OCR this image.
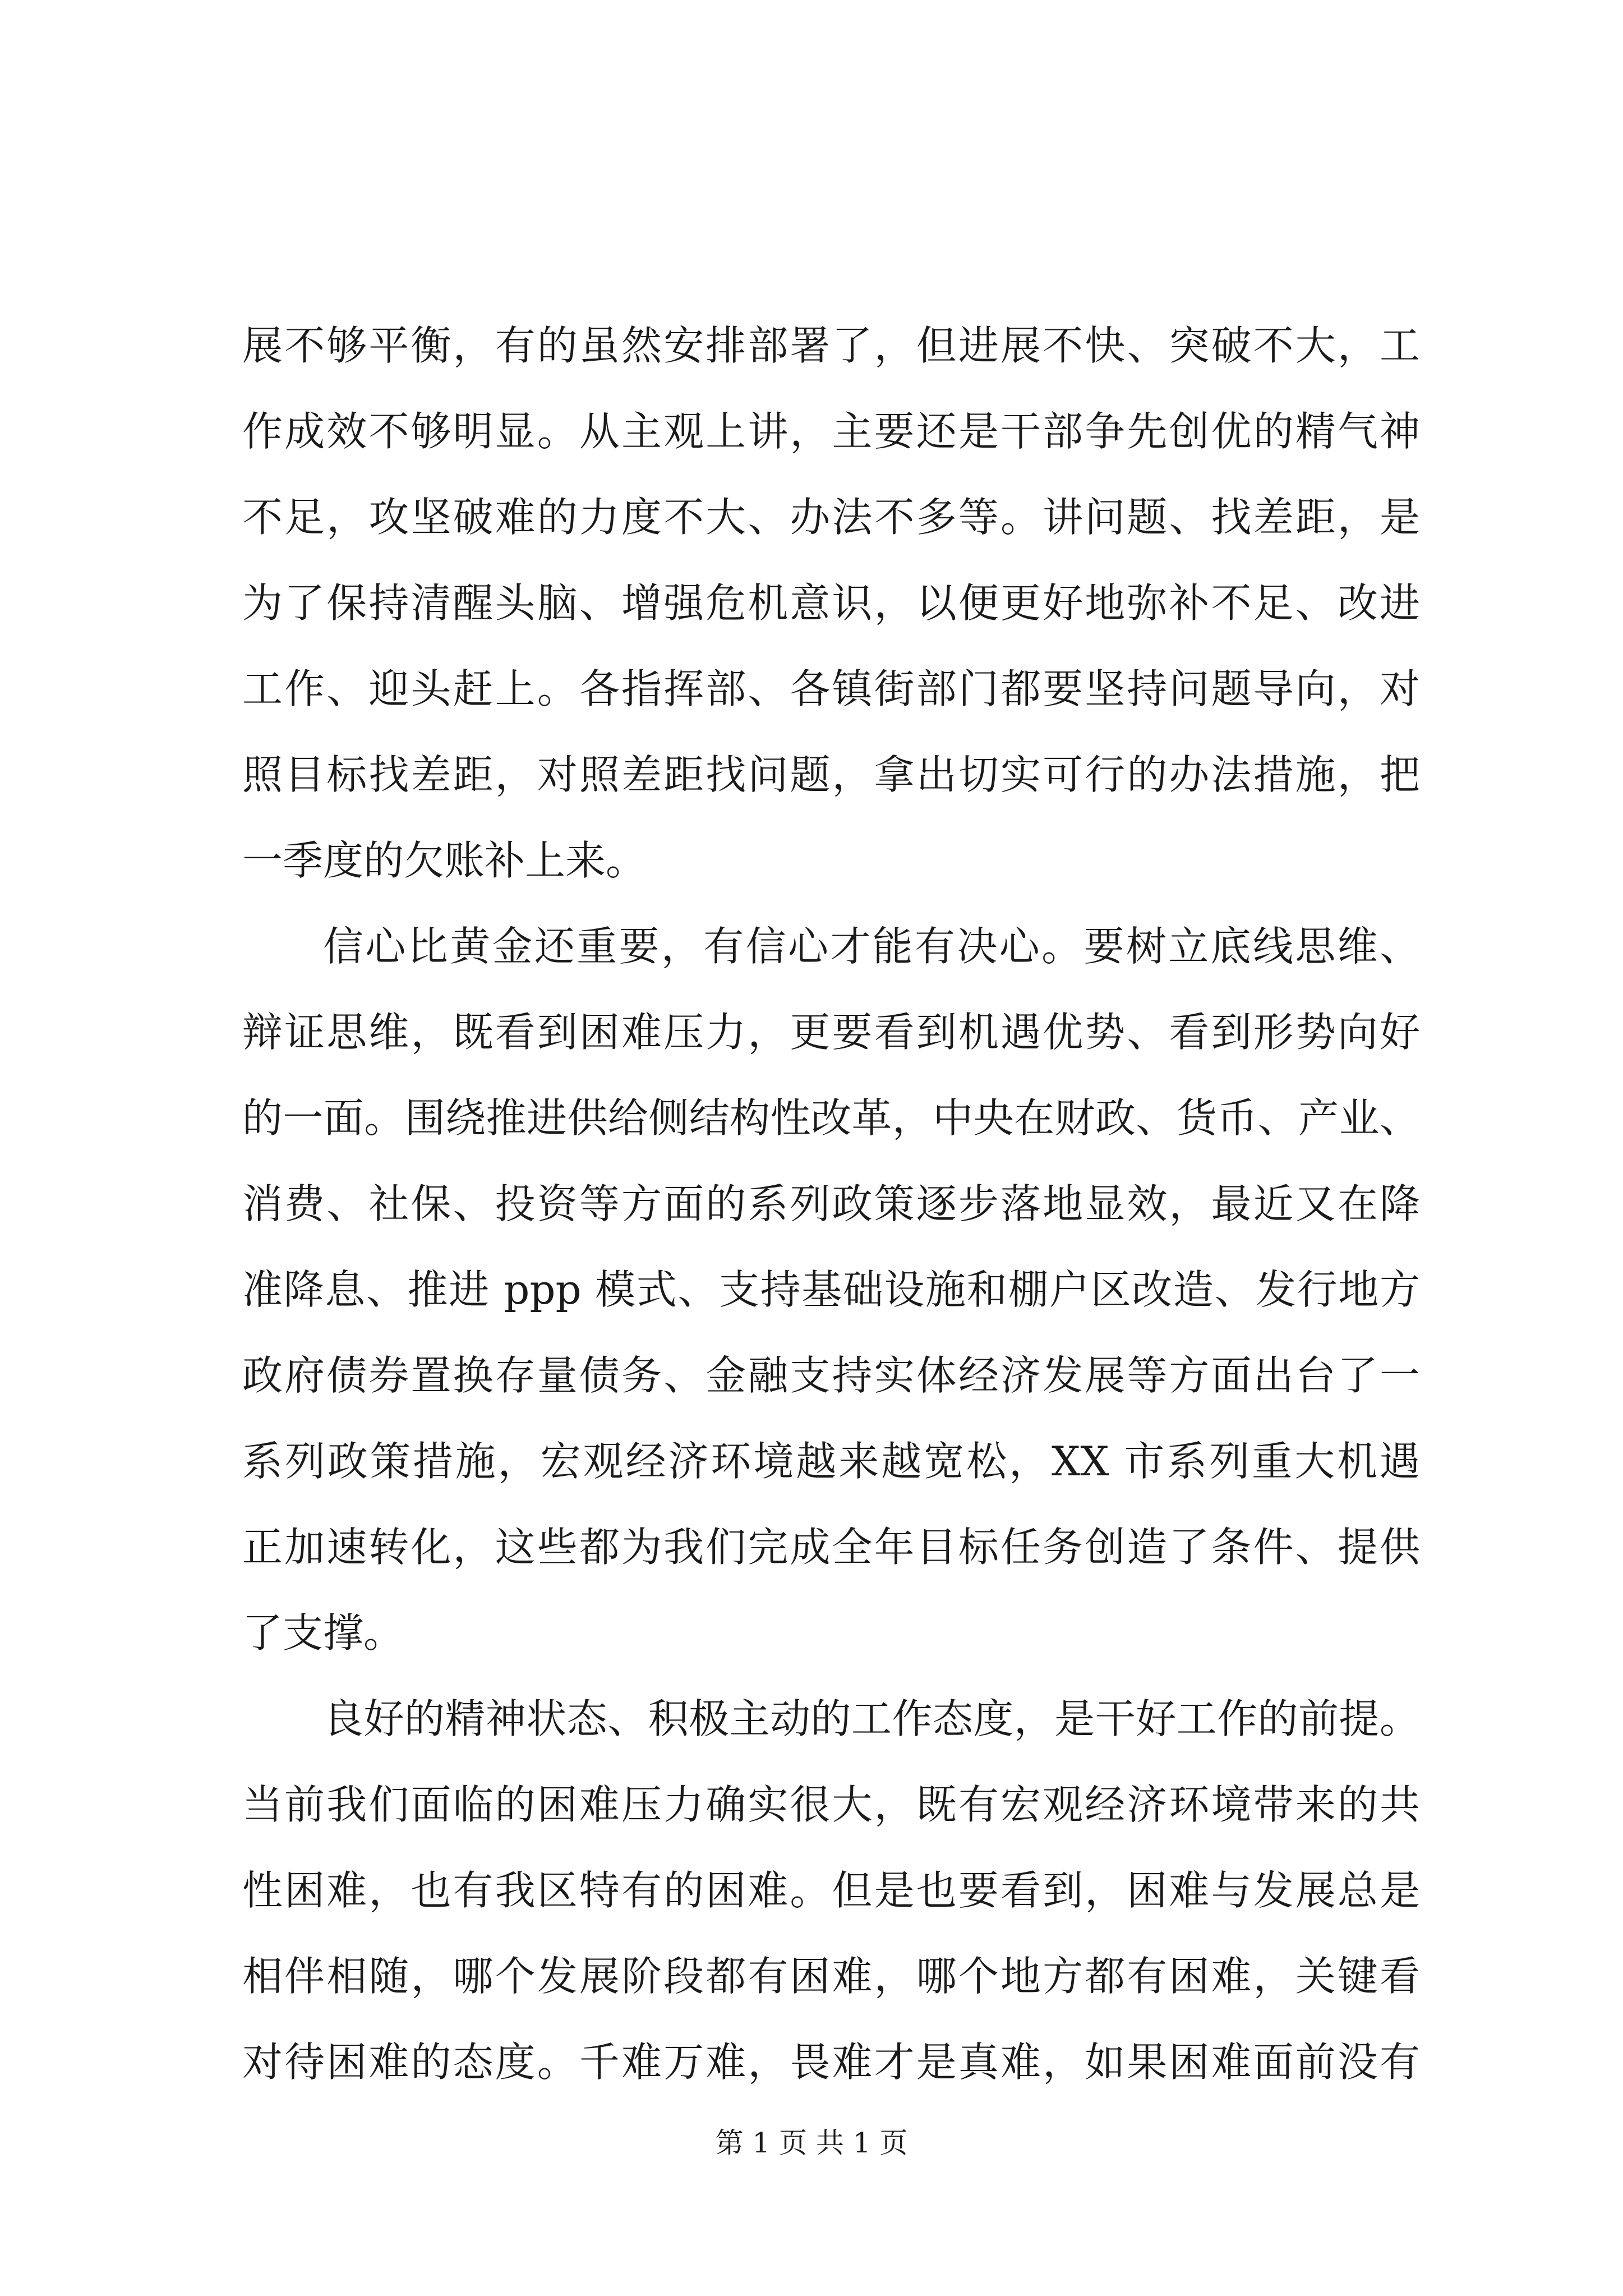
展不够平衡，有的虽然安排部署了，但进展不快、突破不大，工
作成效不够明显。从主观上讲，主要还是干部争先创优的精气神
不足，攻坚破难的力度不大、办法不多等。讲问题、找差距，是
为了保持清醒头脑、增强危机意识，以便更好地弥补不足、改进
工作、迎头赶上。各指挥部、各镇街部门都要坚持问题导向，对
照目标找差距，对照差距找问题，拿出切实可行的办法措施，把
一季度的欠账补上来。
信心比黄金还重要，有信心才能有决心。要树立底线思维、
辩证思维，既看到困难压力，更要看到机遇优势、看到形势向好
的一面。围绕推进供给侧结构性改革，中央在财政、货币、产业、
消费、社保、投资等方面的系列政策逐步落地显效，最近又在降
准降息、推进 ppp 模式、支持基础设施和棚户区改造、发行地方
政府债券置换存量债务、金融支持实体经济发展等方面出台了一
系列政策措施，宏观经济环境越来越宽松，XX 市系列重大机遇
正加速转化，这些都为我们完成全年目标任务创造了条件、提供
了支撑。
良好的精神状态、积极主动的工作态度，是干好工作的前提。
当前我们面临的困难压力确实很大，既有宏观经济环境带来的共
性困难，也有我区特有的困难。但是也要看到，困难与发展总是
相伴相随，哪个发展阶段都有困难，哪个地方都有困难，关键看
对待困难的态度。千难万难，畏难才是真难，如果困难面前没有
第 1 页 共 1 页
